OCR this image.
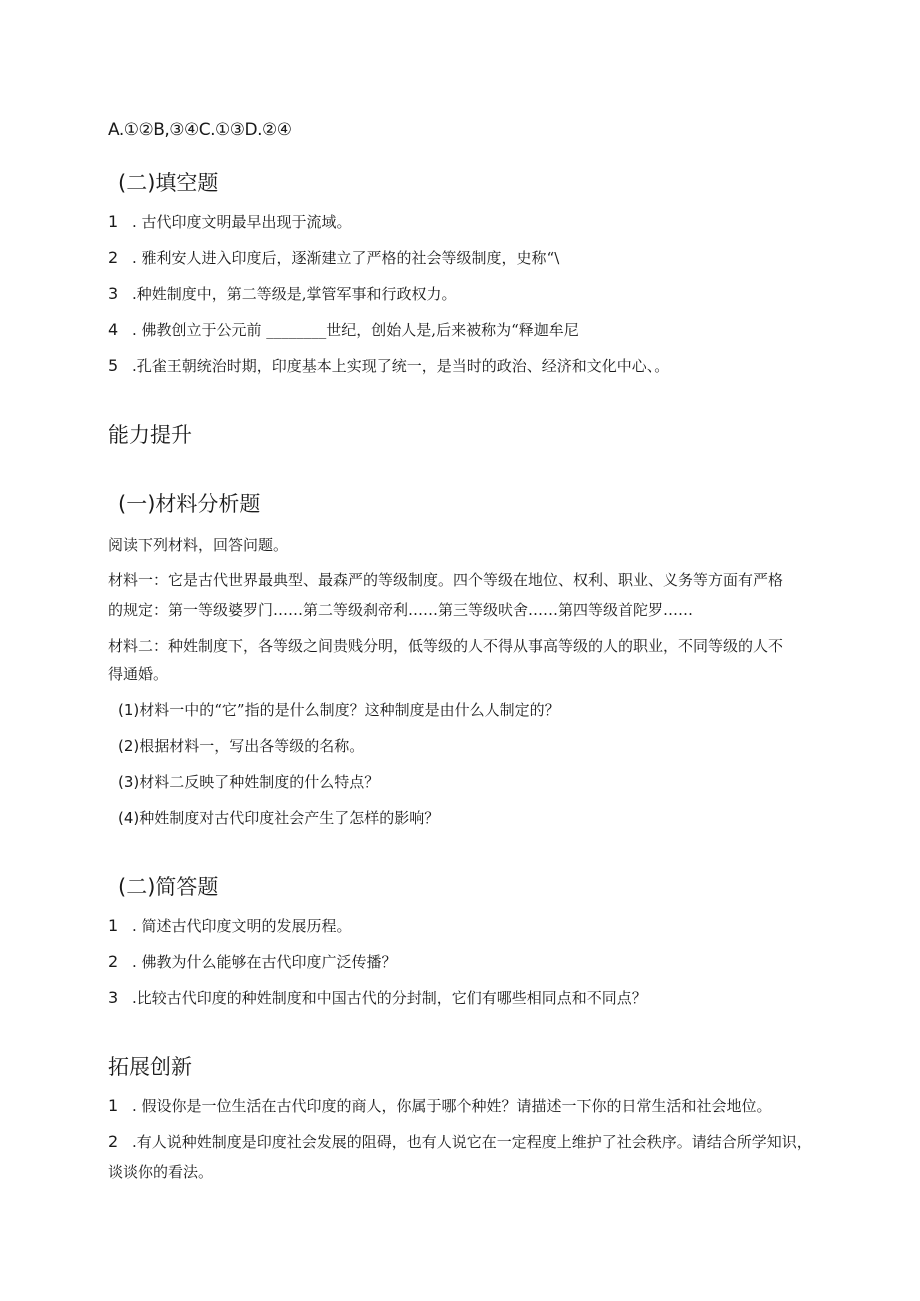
A.①②B,③④C.①③D.②④
(二)填空题
1 . 古代印度文明最早出现于流域。
2 . 雅利安人进入印度后，逐渐建立了严格的社会等级制度，史称“\
3 .种姓制度中，第二等级是,掌管军事和行政权力。
4 . 佛教创立于公元前 ________世纪，创始人是,后来被称为“释迦牟尼
5 .孔雀王朝统治时期，印度基本上实现了统一，是当时的政治、经济和文化中心、。
能力提升
(一)材料分析题
阅读下列材料，回答问题。
材料一：它是古代世界最典型、最森严的等级制度。四个等级在地位、权利、职业、义务等方面有严格
的规定：第一等级婆罗门……第二等级刹帝利……第三等级吠舍……第四等级首陀罗……
材料二：种姓制度下，各等级之间贵贱分明，低等级的人不得从事高等级的人的职业，不同等级的人不
得通婚。
(1)材料一中的“它”指的是什么制度？这种制度是由什么人制定的？
(2)根据材料一，写出各等级的名称。
(3)材料二反映了种姓制度的什么特点？
(4)种姓制度对古代印度社会产生了怎样的影响？
(二)简答题
1 . 简述古代印度文明的发展历程。
2 . 佛教为什么能够在古代印度广泛传播？
3 .比较古代印度的种姓制度和中国古代的分封制，它们有哪些相同点和不同点？
拓展创新
1 . 假设你是一位生活在古代印度的商人，你属于哪个种姓？请描述一下你的日常生活和社会地位。
2 .有人说种姓制度是印度社会发展的阻碍，也有人说它在一定程度上维护了社会秩序。请结合所学知识，
谈谈你的看法。
